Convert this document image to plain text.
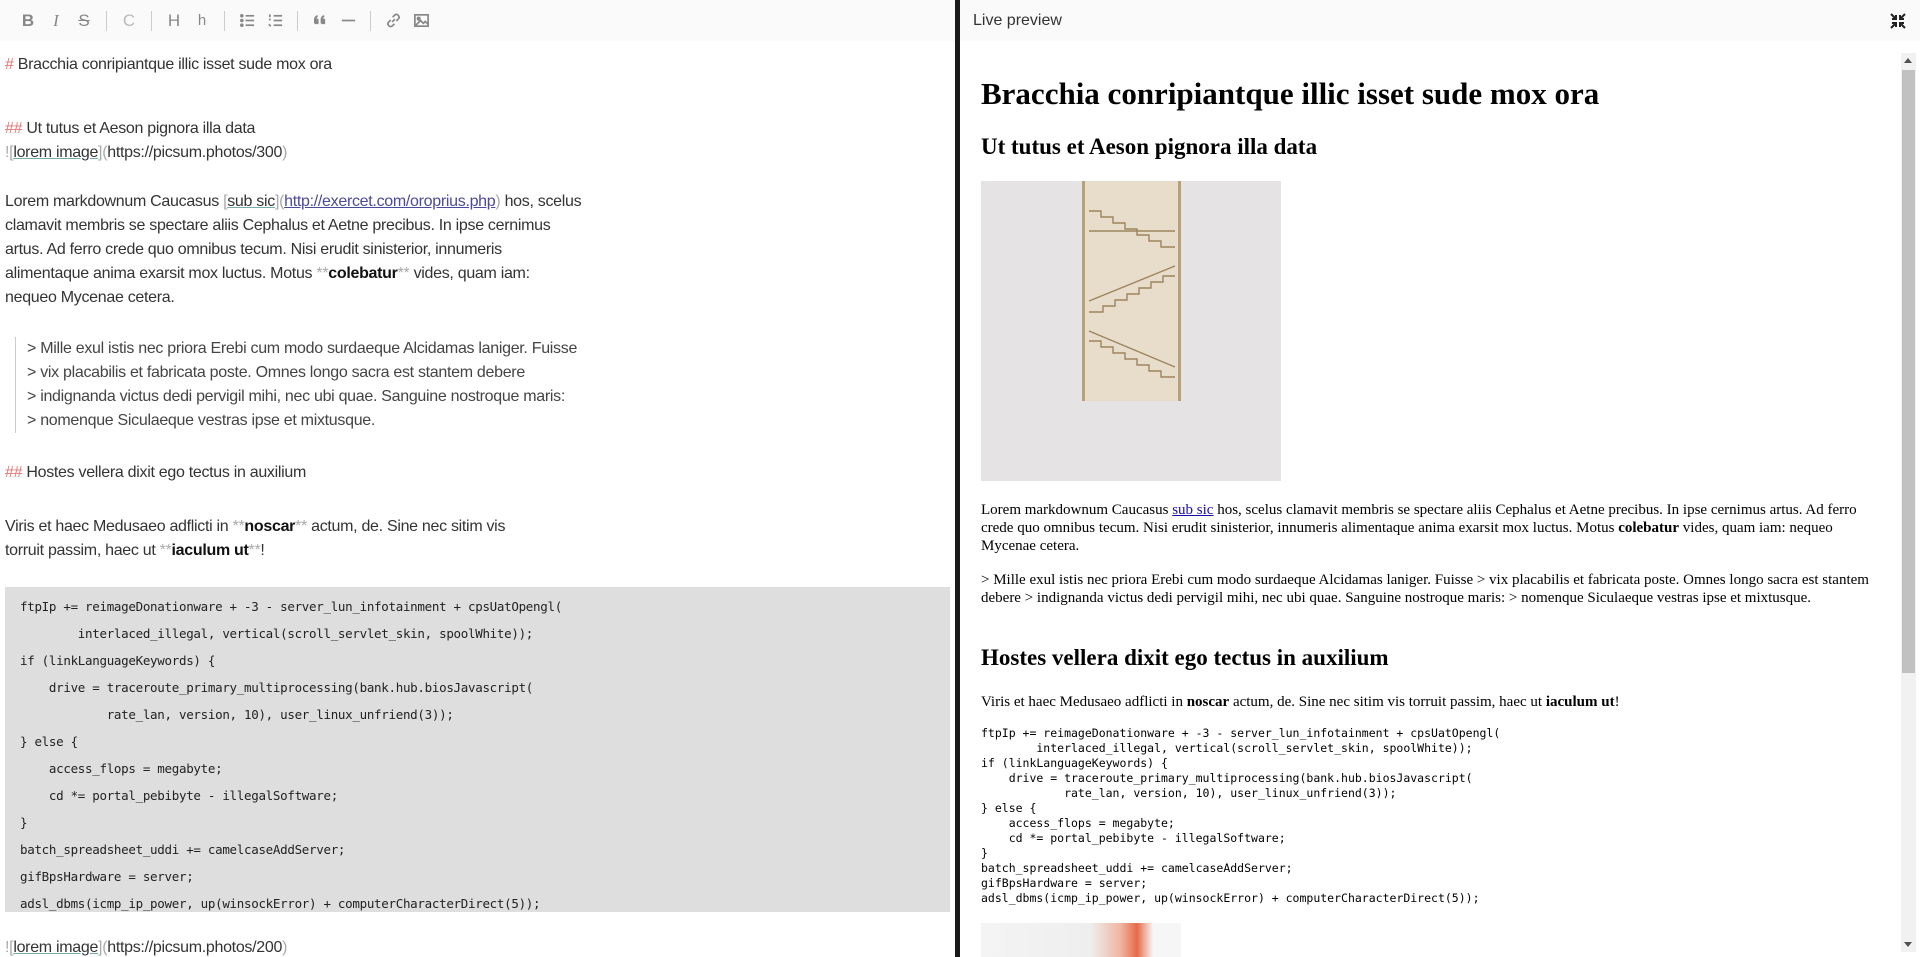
B I S C H h
# Bracchia conripiantque illic isset sude mox ora
## Ut tutus et Aeson pignora illa data
![lorem image](https://picsum.photos/300)
Lorem markdownum Caucasus [sub sic](http://exercet.com/oroprius.php) hos, scelus
clamavit membris se spectare aliis Cephalus et Aetne precibus. In ipse cernimus
artus. Ad ferro crede quo omnibus tecum. Nisi erudit sinisterior, innumeris
alimentaque anima exarsit mox luctus. Motus **colebatur** vides, quam iam:
nequeo Mycenae cetera.
> Mille exul istis nec priora Erebi cum modo surdaeque Alcidamas laniger. Fuisse
> vix placabilis et fabricata poste. Omnes longo sacra est stantem debere
> indignanda victus dedi pervigil mihi, nec ubi quae. Sanguine nostroque maris:
> nomenque Siculaeque vestras ipse et mixtusque.
## Hostes vellera dixit ego tectus in auxilium
Viris et haec Medusaeo adflicti in **noscar** actum, de. Sine nec sitim vis
torruit passim, haec ut **iaculum ut**!
ftpIp += reimageDonationware + -3 - server_lun_infotainment + cpsUatOpengl(
interlaced_illegal, vertical(scroll_servlet_skin, spoolWhite));
if (linkLanguageKeywords) {
drive = traceroute_primary_multiprocessing(bank.hub.biosJavascript(
rate_lan, version, 10), user_linux_unfriend(3));
} else {
access_flops = megabyte;
cd *= portal_pebibyte - illegalSoftware;
}
batch_spreadsheet_uddi += camelcaseAddServer;
gifBpsHardware = server;
adsl_dbms(icmp_ip_power, up(winsockError) + computerCharacterDirect(5));
![lorem image](https://picsum.photos/200)
Live preview
Bracchia conripiantque illic isset sude mox ora
Ut tutus et Aeson pignora illa data
Lorem markdownum Caucasus sub sic hos, scelus clamavit membris se spectare aliis Cephalus et Aetne precibus. In ipse cernimus artus. Ad ferro crede quo omnibus tecum. Nisi erudit sinisterior, innumeris alimentaque anima exarsit mox luctus. Motus colebatur vides, quam iam: nequeo Mycenae cetera.
> Mille exul istis nec priora Erebi cum modo surdaeque Alcidamas laniger. Fuisse > vix placabilis et fabricata poste. Omnes longo sacra est stantem debere > indignanda victus dedi pervigil mihi, nec ubi quae. Sanguine nostroque maris: > nomenque Siculaeque vestras ipse et mixtusque.
Hostes vellera dixit ego tectus in auxilium
Viris et haec Medusaeo adflicti in noscar actum, de. Sine nec sitim vis torruit passim, haec ut iaculum ut!
ftpIp += reimageDonationware + -3 - server_lun_infotainment + cpsUatOpengl(
interlaced_illegal, vertical(scroll_servlet_skin, spoolWhite));
if (linkLanguageKeywords) {
drive = traceroute_primary_multiprocessing(bank.hub.biosJavascript(
rate_lan, version, 10), user_linux_unfriend(3));
} else {
access_flops = megabyte;
cd *= portal_pebibyte - illegalSoftware;
}
batch_spreadsheet_uddi += camelcaseAddServer;
gifBpsHardware = server;
adsl_dbms(icmp_ip_power, up(winsockError) + computerCharacterDirect(5));
